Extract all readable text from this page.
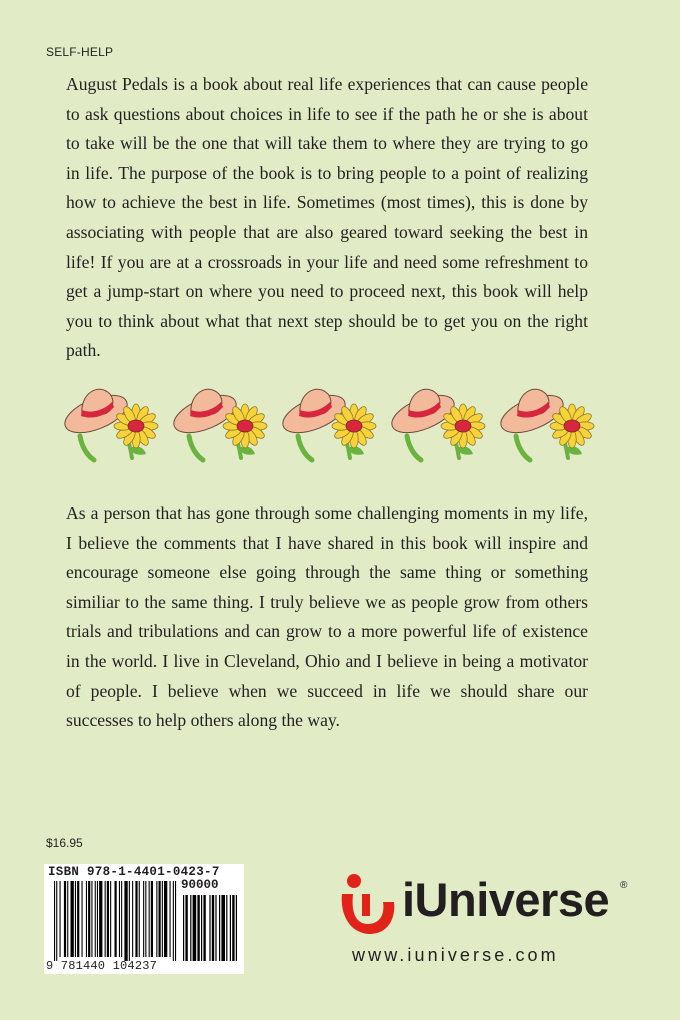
SELF-HELP

August Pedals is a book about real life experiences that can cause people to ask questions about choices in life to see if the path he or she is about to take will be the one that will take them to where they are trying to go in life. The purpose of the book is to bring people to a point of realizing how to achieve the best in life. Sometimes (most times), this is done by associating with people that are also geared toward seeking the best in life! If you are at a crossroads in your life and need some refreshment to get a jump-start on where you need to proceed next, this book will help you to think about what that next step should be to get you on the right path.

As a person that has gone through some challenging moments in my life, I believe the comments that I have shared in this book will inspire and encourage someone else going through the same thing or something similiar to the same thing. I truly believe we as people grow from others trials and tribulations and can grow to a more powerful life of existence in the world. I live in Cleveland, Ohio and I believe in being a motivator of people. I believe when we succeed in life we should share our successes to help others along the way.

$16.95
ISBN 978-1-4401-0423-7
90000
9 781440 104237
iUniverse ®
www.iuniverse.com
